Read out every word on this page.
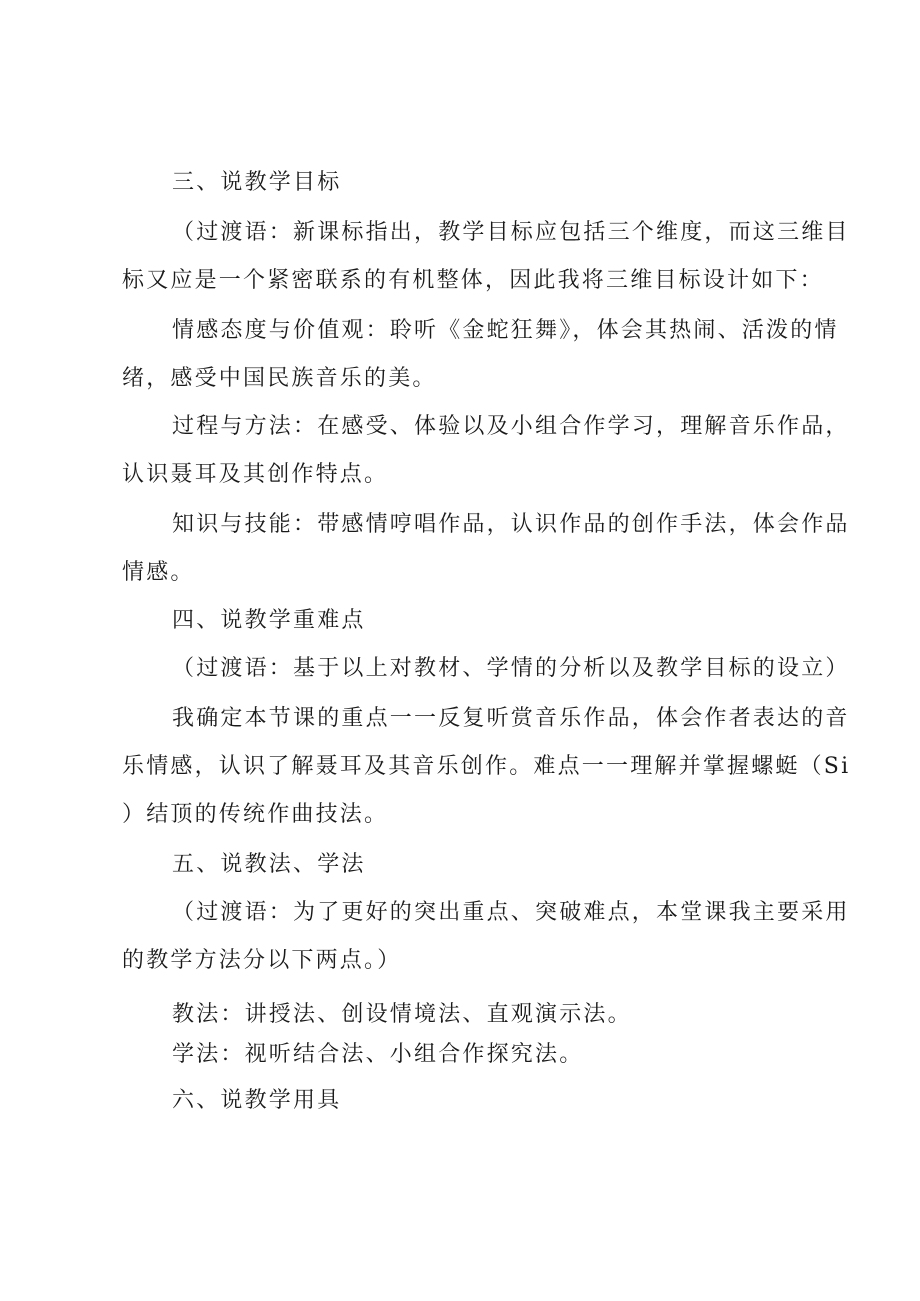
三、说教学目标
（过渡语：新课标指出，教学目标应包括三个维度，而这三维目
标又应是一个紧密联系的有机整体，因此我将三维目标设计如下：
情感态度与价值观：聆听《金蛇狂舞》，体会其热闹、活泼的情
绪，感受中国民族音乐的美。
过程与方法：在感受、体验以及小组合作学习，理解音乐作品，
认识聂耳及其创作特点。
知识与技能：带感情哼唱作品，认识作品的创作手法，体会作品
情感。
四、说教学重难点
（过渡语：基于以上对教材、学情的分析以及教学目标的设立）
我确定本节课的重点一一反复听赏音乐作品，体会作者表达的音
乐情感，认识了解聂耳及其音乐创作。难点一一理解并掌握螺蜓（Si
）结顶的传统作曲技法。
五、说教法、学法
（过渡语：为了更好的突出重点、突破难点，本堂课我主要采用
的教学方法分以下两点。）
教法：讲授法、创设情境法、直观演示法。
学法：视听结合法、小组合作探究法。
六、说教学用具
